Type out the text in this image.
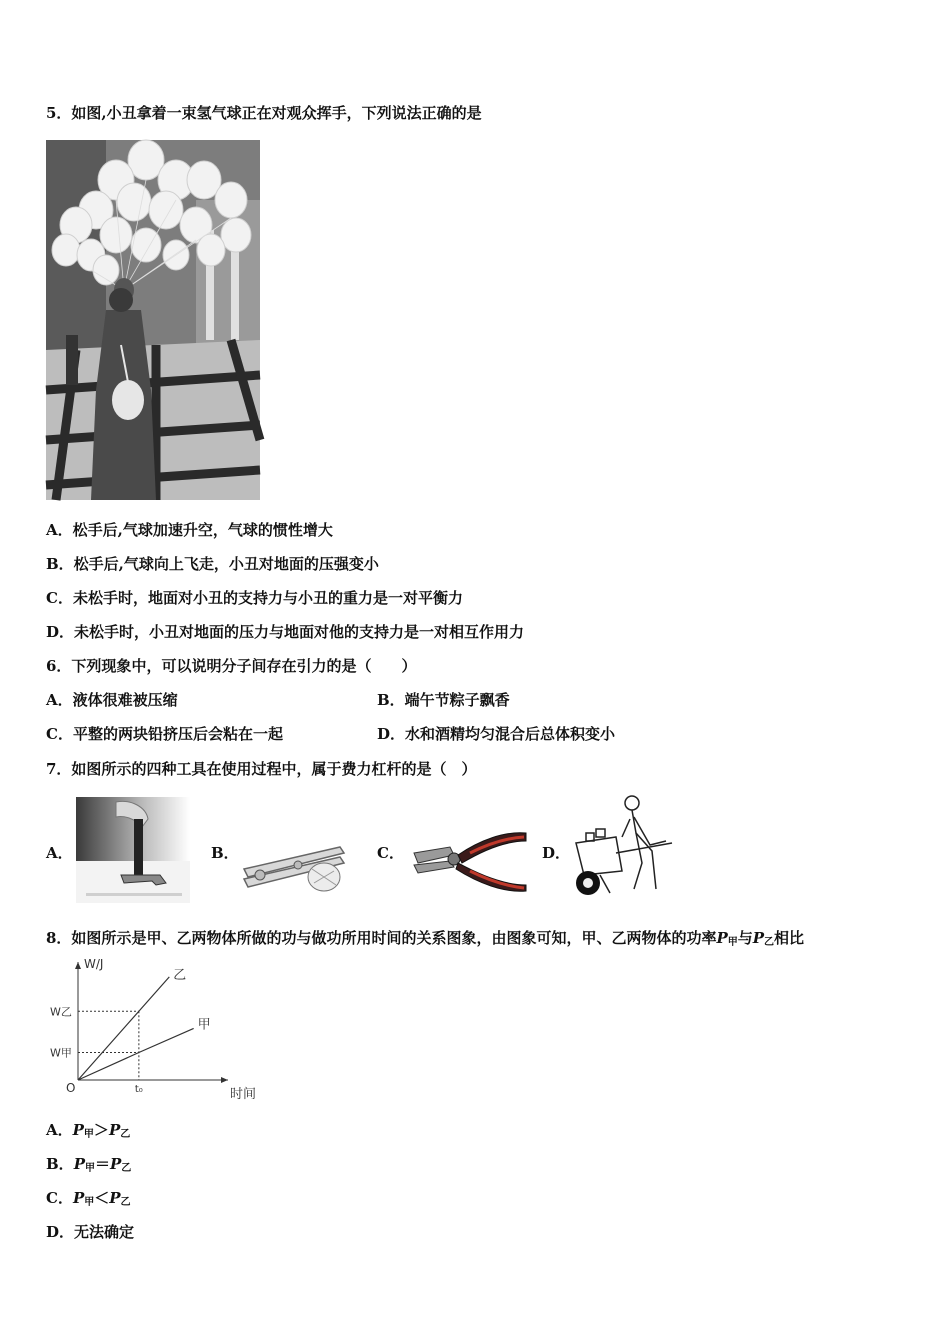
5．如图,小丑拿着一束氢气球正在对观众挥手，下列说法正确的是
A．松手后,气球加速升空，气球的惯性增大
B．松手后,气球向上飞走，小丑对地面的压强变小
C．未松手时，地面对小丑的支持力与小丑的重力是一对平衡力
D．未松手时，小丑对地面的压力与地面对他的支持力是一对相互作用力
6．下列现象中，可以说明分子间存在引力的是（　　）
A．液体很难被压缩	B．端午节粽子飘香
C．平整的两块铅挤压后会粘在一起	D．水和酒精均匀混合后总体积变小
7．如图所示的四种工具在使用过程中，属于费力杠杆的是（　）
A．	B．	C．	D．
8．如图所示是甲、乙两物体所做的功与做功所用时间的关系图象，由图象可知，甲、乙两物体的功率$P_甲$与$P_乙$相比
W/J
时间
O
乙
甲
t₀
W乙
W甲
A．$P_甲>P_乙$
B．$P_甲=P_乙$
C．$P_甲<P_乙$
D．无法确定
